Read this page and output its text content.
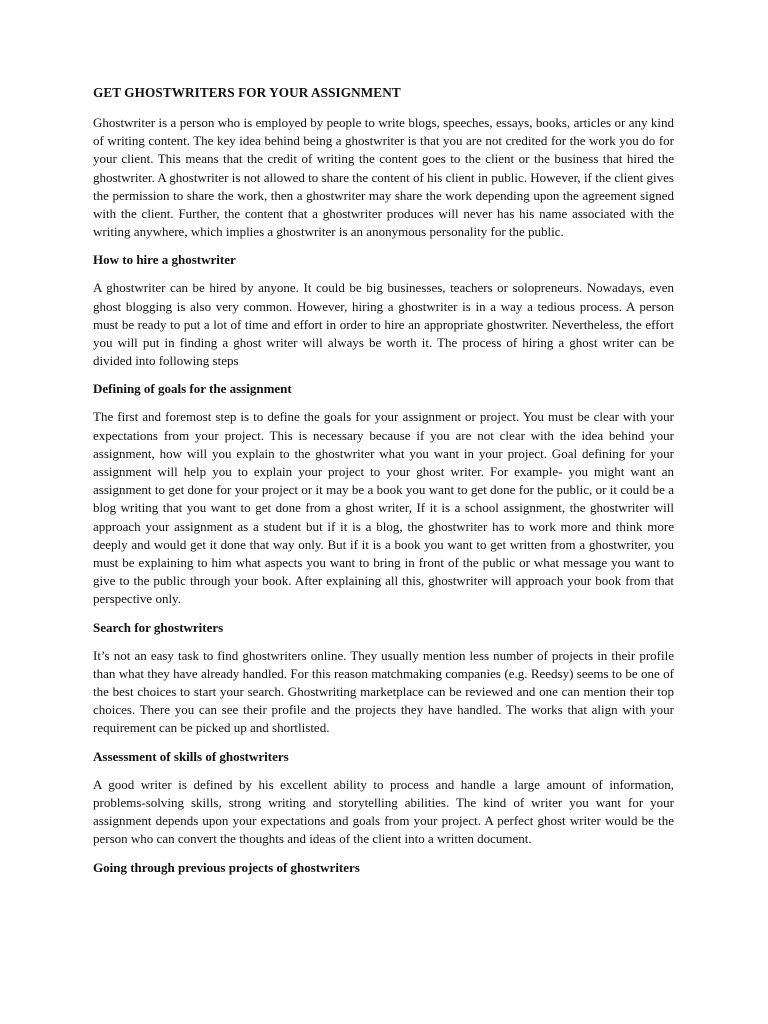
GET GHOSTWRITERS FOR YOUR ASSIGNMENT

Ghostwriter is a person who is employed by people to write blogs, speeches, essays, books, articles or any kind of writing content. The key idea behind being a ghostwriter is that you are not credited for the work you do for your client. This means that the credit of writing the content goes to the client or the business that hired the ghostwriter. A ghostwriter is not allowed to share the content of his client in public. However, if the client gives the permission to share the work, then a ghostwriter may share the work depending upon the agreement signed with the client. Further, the content that a ghostwriter produces will never has his name associated with the writing anywhere, which implies a ghostwriter is an anonymous personality for the public.

How to hire a ghostwriter

A ghostwriter can be hired by anyone. It could be big businesses, teachers or solopreneurs. Nowadays, even ghost blogging is also very common. However, hiring a ghostwriter is in a way a tedious process. A person must be ready to put a lot of time and effort in order to hire an appropriate ghostwriter. Nevertheless, the effort you will put in finding a ghost writer will always be worth it. The process of hiring a ghost writer can be divided into following steps

Defining of goals for the assignment

The first and foremost step is to define the goals for your assignment or project. You must be clear with your expectations from your project. This is necessary because if you are not clear with the idea behind your assignment, how will you explain to the ghostwriter what you want in your project. Goal defining for your assignment will help you to explain your project to your ghost writer. For example- you might want an assignment to get done for your project or it may be a book you want to get done for the public, or it could be a blog writing that you want to get done from a ghost writer, If it is a school assignment, the ghostwriter will approach your assignment as a student but if it is a blog, the ghostwriter has to work more and think more deeply and would get it done that way only. But if it is a book you want to get written from a ghostwriter, you must be explaining to him what aspects you want to bring in front of the public or what message you want to give to the public through your book. After explaining all this, ghostwriter will approach your book from that perspective only.

Search for ghostwriters

It’s not an easy task to find ghostwriters online. They usually mention less number of projects in their profile than what they have already handled. For this reason matchmaking companies (e.g. Reedsy) seems to be one of the best choices to start your search. Ghostwriting marketplace can be reviewed and one can mention their top choices. There you can see their profile and the projects they have handled. The works that align with your requirement can be picked up and shortlisted.

Assessment of skills of ghostwriters

A good writer is defined by his excellent ability to process and handle a large amount of information, problems-solving skills, strong writing and storytelling abilities. The kind of writer you want for your assignment depends upon your expectations and goals from your project. A perfect ghost writer would be the person who can convert the thoughts and ideas of the client into a written document.

Going through previous projects of ghostwriters
